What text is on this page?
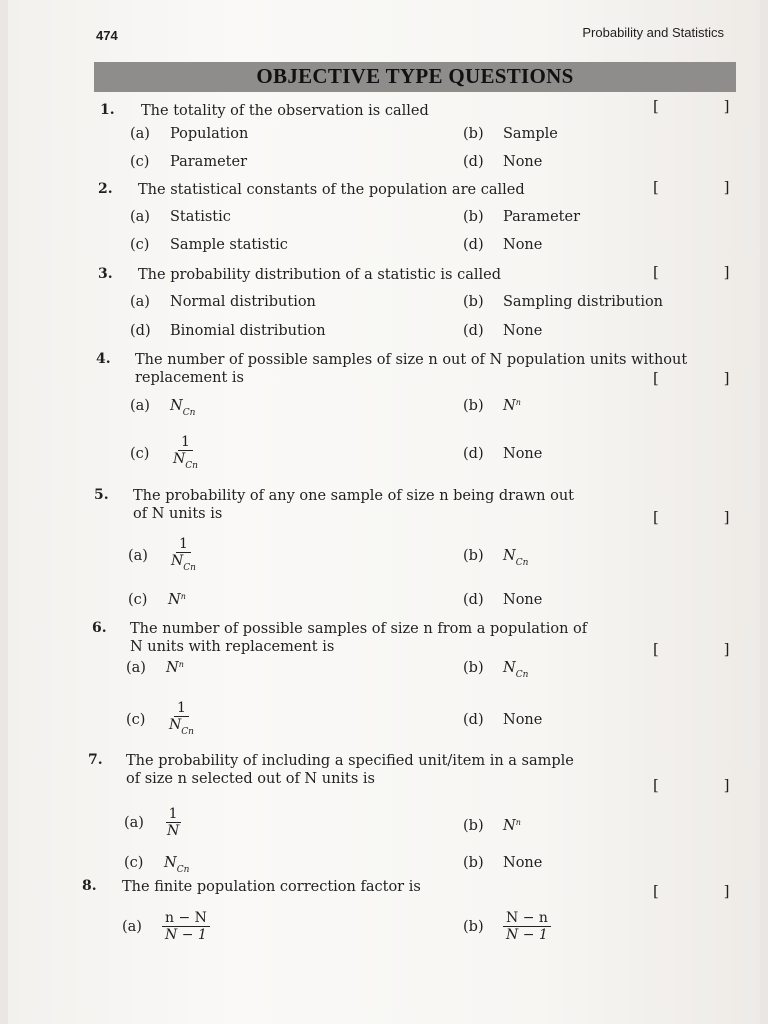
474	Probability and Statistics
OBJECTIVE TYPE QUESTIONS
1. The totality of the observation is called	[ ]
(a) Population	(b) Sample
(c) Parameter	(d) None
2. The statistical constants of the population are called	[ ]
(a) Statistic	(b) Parameter
(c) Sample statistic	(d) None
3. The probability distribution of a statistic is called	[ ]
(a) Normal distribution	(b) Sampling distribution
(d) Binomial distribution	(d) None
4. The number of possible samples of size n out of N population units without
replacement is	[ ]
(a) $N_{Cn}$	(b) $N^n$
$(c) \frac{1}{N_{Cn}}$	(d) None
5. The probability of any one sample of size n being drawn out
of N units is	[ ]
$(a) \frac{1}{N_{Cn}}$	(b) $N_{Cn}$
(c) $N^n$	(d) None
6. The number of possible samples of size n from a population of
N units with replacement is	[ ]
(a) $N^n$	(b) $N_{Cn}$
$(c) \frac{1}{N_{Cn}}$	(d) None
7. The probability of including a specified unit/item in a sample
of size n selected out of N units is	[ ]
$(a) \frac{1}{N}$	(b) $N^n$
(c) $N_{Cn}$	(b) None
8. The finite population correction factor is	[ ]
$(a) \frac{n - N}{N - 1}$	$(b) \frac{N - n}{N - 1}$
